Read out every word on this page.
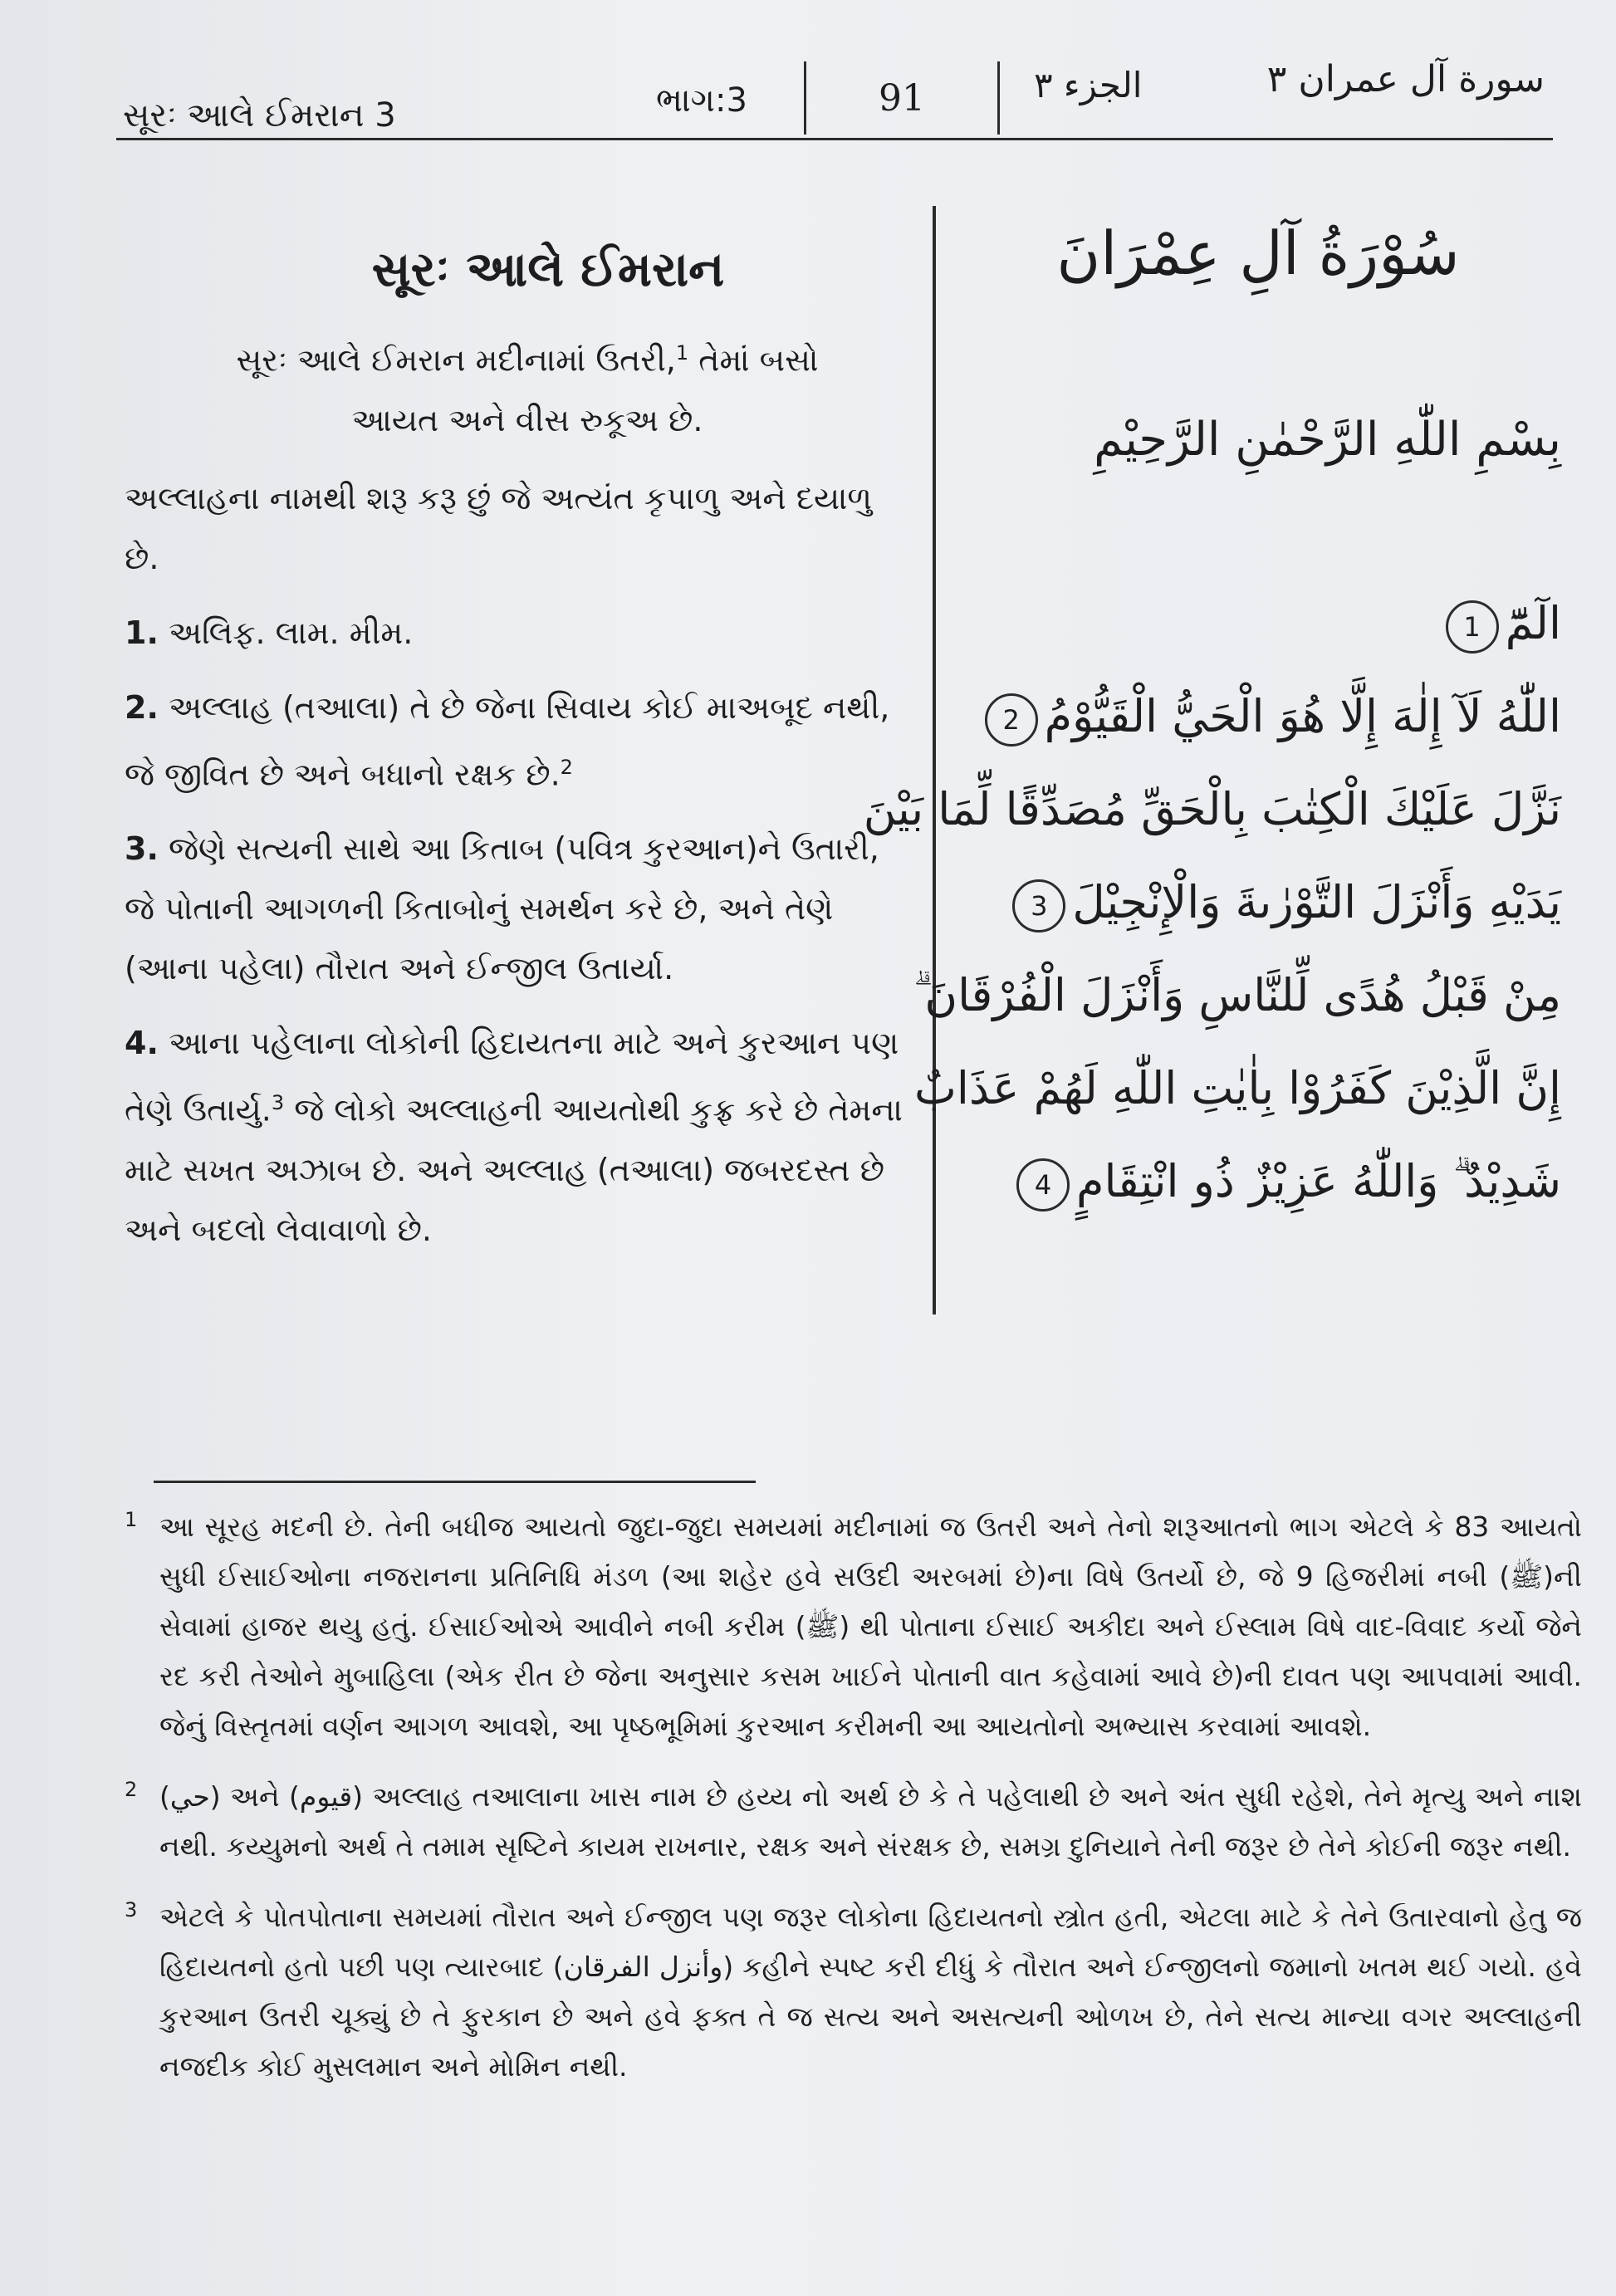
સૂરઃ આલે ઈમરાન 3	ભાગ:3	91	الجزء ٣	سورة آل عمران ٣
સૂરઃ આલે ઈમરાન
સૂરઃ આલે ઈમરાન મદીનામાં ઉતરી,$^1$ તેમાં બસો
આયત અને વીસ રુકૂઅ છે.

અલ્લાહના નામથી શરૂ કરૂ છું જે અત્યંત કૃપાળુ અને દયાળુ છે.

1. અલિફ. લામ. મીમ.

2. અલ્લાહ (તઆલા) તે છે જેના સિવાય કોઈ માઅબૂદ નથી, જે જીવિત છે અને બધાનો રક્ષક છે.$^2$

3. જેણે સત્યની સાથે આ કિતાબ (પવિત્ર કુરઆન)ને ઉતારી, જે પોતાની આગળની કિતાબોનું સમર્થન કરે છે, અને તેણે (આના પહેલા) તૌરાત અને ઈન્જીલ ઉતાર્યા.

4. આના પહેલાના લોકોની હિદાયતના માટે અને કુરઆન પણ તેણે ઉતાર્યુ.$^3$ જે લોકો અલ્લાહની આયતોથી કુફ્ર કરે છે તેમના માટે સખત અઝાબ છે. અને અલ્લાહ (તઆલા) જબરદસ્ત છે અને બદલો લેવાવાળો છે.

سُوْرَةُ آلِ عِمْرَانَ
بِسْمِ اللّٰهِ الرَّحْمٰنِ الرَّحِيْمِ
الٓمّٓ1
اللّٰهُ لَآ إِلٰهَ إِلَّا هُوَ الْحَيُّ الْقَيُّوْمُ2
نَزَّلَ عَلَيْكَ الْكِتٰبَ بِالْحَقِّ مُصَدِّقًا لِّمَا بَيْنَ
يَدَيْهِ وَأَنْزَلَ التَّوْرٰىةَ وَالْإِنْجِيْلَ3
مِنْ قَبْلُ هُدًى لِّلنَّاسِ وَأَنْزَلَ الْفُرْقَانَ ۗ
إِنَّ الَّذِيْنَ كَفَرُوْا بِاٰيٰتِ اللّٰهِ لَهُمْ عَذَابٌ
شَدِيْدٌ ۗ وَاللّٰهُ عَزِيْزٌ ذُو انْتِقَامٍ4

1 આ સૂરહ મદની છે. તેની બધીજ આયતો જુદા-જુદા સમયમાં મદીનામાં જ ઉતરી અને તેનો શરૂઆતનો ભાગ એટલે કે 83 આયતો સુધી ઈસાઈઓના નજરાનના પ્રતિનિધિ મંડળ (આ શહેર હવે સઉદી અરબમાં છે)ના વિષે ઉતર્યો છે, જે 9 હિજરીમાં નબી (ﷺ)ની સેવામાં હાજર થયુ હતું. ઈસાઈઓએ આવીને નબી કરીમ (ﷺ) થી પોતાના ઈસાઈ અકીદા અને ઈસ્લામ વિષે વાદ-વિવાદ કર્યો જેને રદ કરી તેઓને મુબાહિલા (એક રીત છે જેના અનુસાર કસમ ખાઈને પોતાની વાત કહેવામાં આવે છે)ની દાવત પણ આપવામાં આવી. જેનું વિસ્તૃતમાં વર્ણન આગળ આવશે, આ પૃષ્ઠભૂમિમાં કુરઆન કરીમની આ આયતોનો અભ્યાસ કરવામાં આવશે.

2 (حي) અને (قيوم) અલ્લાહ તઆલાના ખાસ નામ છે હય્ય નો અર્થ છે કે તે પહેલાથી છે અને અંત સુધી રહેશે, તેને મૃત્યુ અને નાશ નથી. કય્યુમનો અર્થ તે તમામ સૃષ્ટિને કાયમ રાખનાર, રક્ષક અને સંરક્ષક છે, સમગ્ર દુનિયાને તેની જરૂર છે તેને કોઈની જરૂર નથી.

3 એટલે કે પોતપોતાના સમયમાં તૌરાત અને ઈન્જીલ પણ જરૂર લોકોના હિદાયતનો સ્ત્રોત હતી, એટલા માટે કે તેને ઉતારવાનો હેતુ જ હિદાયતનો હતો પછી પણ ત્યારબાદ (وأنزل الفرقان) કહીને સ્પષ્ટ કરી દીધું કે તૌરાત અને ઈન્જીલનો જમાનો ખતમ થઈ ગયો. હવે કુરઆન ઉતરી ચૂક્યું છે તે ફુરકાન છે અને હવે ફક્ત તે જ સત્ય અને અસત્યની ઓળખ છે, તેને સત્ય માન્યા વગર અલ્લાહની નજદીક કોઈ મુસલમાન અને મોમિન નથી.
